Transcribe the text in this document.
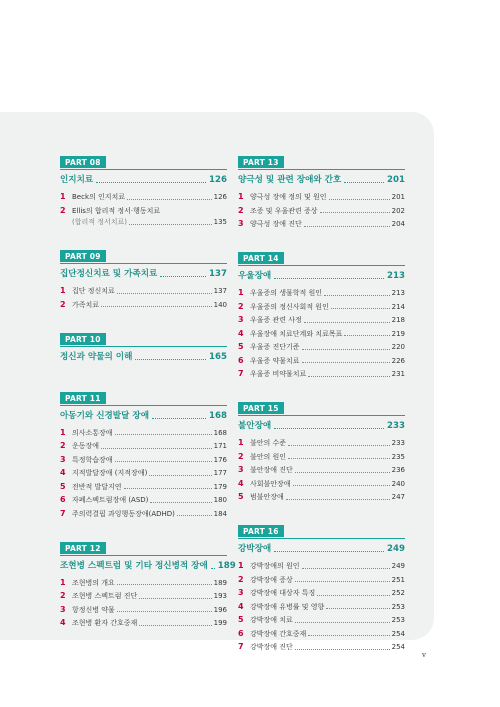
PART 08
인지치료	126
1 Beck의 인지치료	126
2 Ellis의 합리적 정서·행동치료
(합리적 정서치료)	135
PART 09
집단정신치료 및 가족치료	137
1 집단 정신치료	137
2 가족치료	140
PART 10
정신과 약물의 이해	165
PART 11
아동기와 신경발달 장애	168
1 의사소통장애	168
2 운동장애	171
3 특정학습장애	176
4 지적발달장애 (지적장애)	177
5 전반적 발달지연	179
6 자폐스펙트럼장애 (ASD)	180
7 주의력결핍 과잉행동장애(ADHD)	184
PART 12
조현병 스펙트럼 및 기타 정신병적 장애 189
1 조현병의 개요	189
2 조현병 스펙트럼 진단	193
3 항정신병 약물	196
4 조현병 환자 간호중재	199
PART 13
양극성 및 관련 장애와 간호	201
1 양극성 장애 정의 및 원인	201
2 조증 및 우울관련 증상	202
3 양극성 장애 진단	204
PART 14
우울장애	213
1 우울증의 생물학적 원인	213
2 우울증의 정신사회적 원인	214
3 우울증 관련 사정	218
4 우울장애 치료단계와 치료목표	219
5 우울증 진단기준	220
6 우울증 약물치료	226
7 우울증 비약물치료	231
PART 15
불안장애	233
1 불안의 수준	233
2 불안의 원인	235
3 불안장애 진단	236
4 사회불안장애	240
5 범불안장애	247
PART 16
강박장애	249
1 강박장애의 원인	249
2 강박장애 증상	251
3 강박장애 대상자 특징	252
4 강박장애 유병률 및 영향	253
5 강박장애 치료	253
6 강박장애 간호중재	254
7 강박장애 진단	254
v
